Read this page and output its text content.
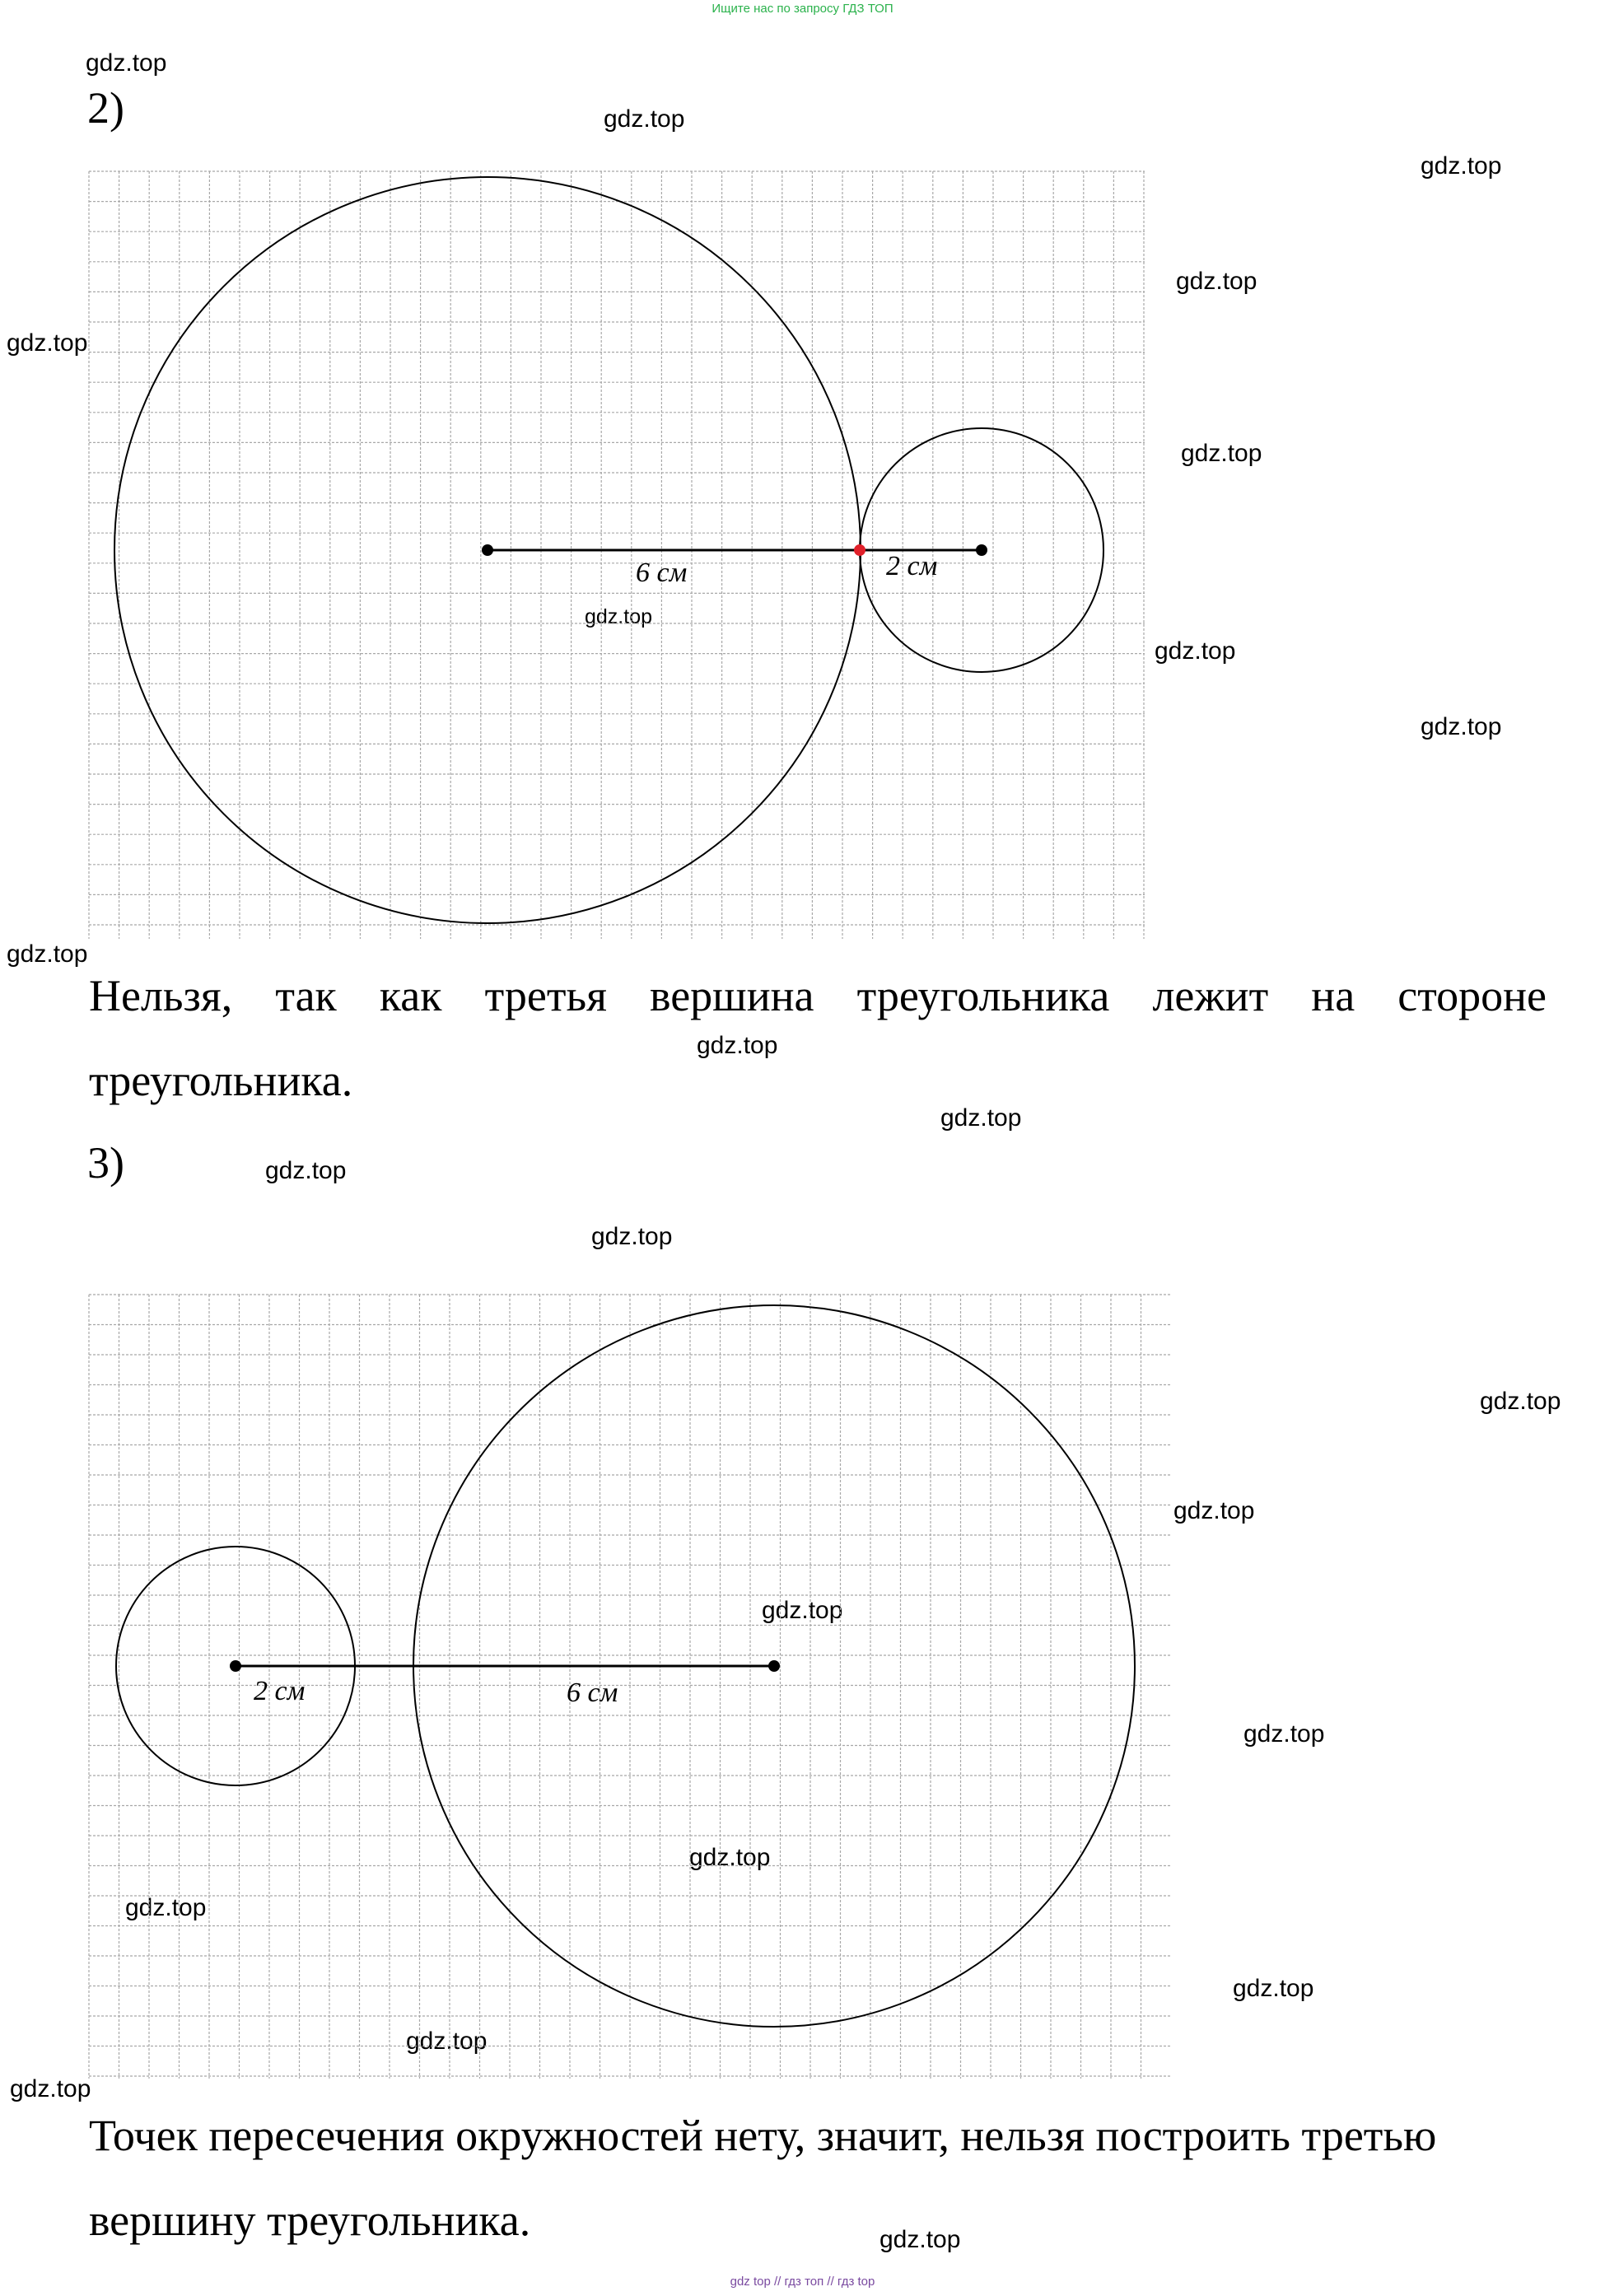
Ищите нас по запросу ГДЗ ТОП
gdz.top
gdz.top
gdz.top
gdz.top
gdz.top
gdz.top
gdz.top
gdz.top
gdz.top
gdz.top
gdz.top
gdz.top
gdz.top
gdz.top
gdz.top
gdz.top
gdz.top
gdz.top
gdz.top
gdz.top
gdz.top
gdz.top
gdz.top
gdz.top
2)
6 см	2 см
Нельзя, так как третья вершина треугольника лежит на стороне треугольника.
3)
2 см	6 см
Точек пересечения окружностей нету, значит, нельзя построить третью вершину треугольника.
gdz top // гдз топ // гдз top
